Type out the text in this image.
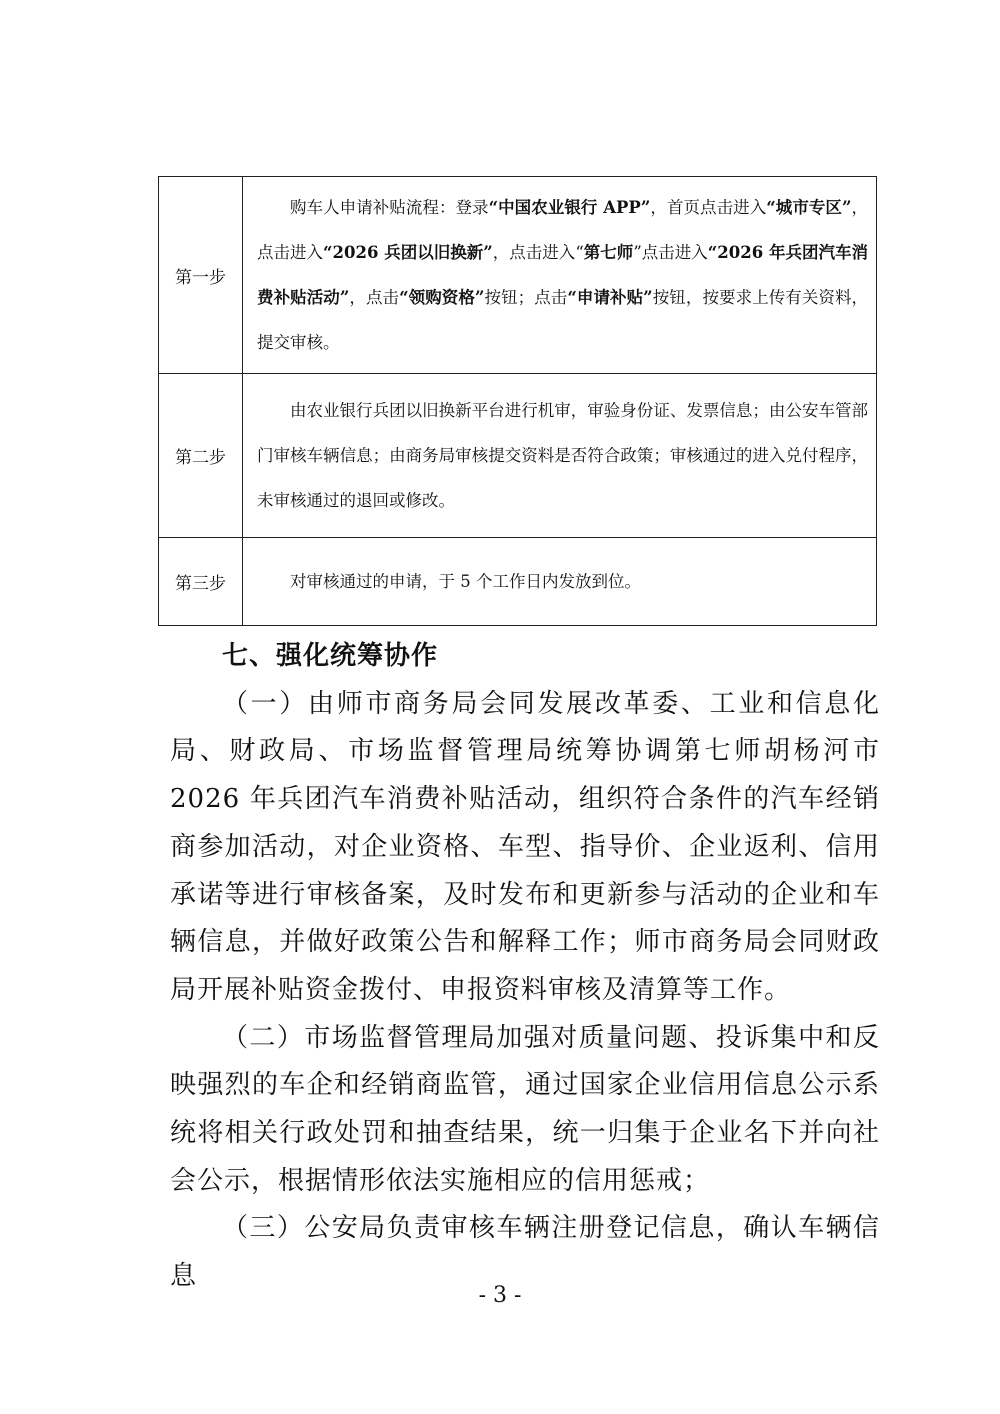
第一步	购车人申请补贴流程：登录“中国农业银行 APP”，首页点击进入“城市专区”，点击进入“2026 兵团以旧换新”，点击进入“第七师”点击进入“2026 年兵团汽车消费补贴活动”，点击“领购资格”按钮；点击“申请补贴”按钮，按要求上传有关资料，提交审核。

第二步	由农业银行兵团以旧换新平台进行机审，审验身份证、发票信息；由公安车管部门审核车辆信息；由商务局审核提交资料是否符合政策；审核通过的进入兑付程序，未审核通过的退回或修改。

第三步	对审核通过的申请，于 5 个工作日内发放到位。

七、强化统筹协作

（一）由师市商务局会同发展改革委、工业和信息化局、财政局、市场监督管理局统筹协调第七师胡杨河市 2026 年兵团汽车消费补贴活动，组织符合条件的汽车经销商参加活动，对企业资格、车型、指导价、企业返利、信用承诺等进行审核备案，及时发布和更新参与活动的企业和车辆信息，并做好政策公告和解释工作；师市商务局会同财政局开展补贴资金拨付、申报资料审核及清算等工作。

（二）市场监督管理局加强对质量问题、投诉集中和反映强烈的车企和经销商监管，通过国家企业信用信息公示系统将相关行政处罚和抽查结果，统一归集于企业名下并向社会公示，根据情形依法实施相应的信用惩戒；

（三）公安局负责审核车辆注册登记信息，确认车辆信息

- 3 -
